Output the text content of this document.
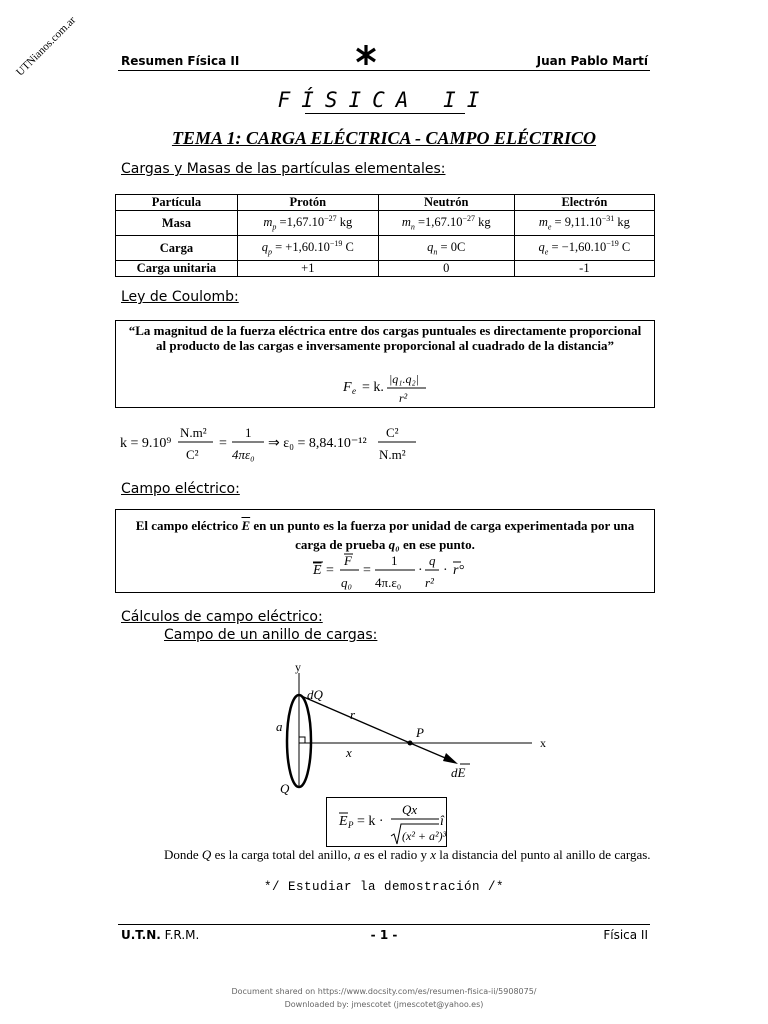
UTNianos.com.ar	Resumen Física II	Juan Pablo Martí
FÍSICA II
TEMA 1: CARGA ELÉCTRICA - CAMPO ELÉCTRICO
Cargas y Masas de las partículas elementales:
Partícula	Protón	Neutrón	Electrón
Masa	$m_p =1,67.10^{-27}$ kg	$m_n =1,67.10^{-27}$ kg	$m_e = 9,11.10^{-31}$ kg
Carga	$q_p = +1,60.10^{-19}$ C	$q_n = 0C$	$q_e = -1,60.10^{-19}$ C
Carga unitaria	+1	0	-1
Ley de Coulomb:
“La magnitud de la fuerza eléctrica entre dos cargas puntuales es directamente proporcional al producto de las cargas e inversamente proporcional al cuadrado de la distancia”
F e = k.
|q₁.q₂|
r²
k = 9.10⁹
N.m²
C²
=
1
4πε₀
⇒ ε₀ = 8,84.10⁻¹²
C²
N.m²
Campo eléctrico:
El campo eléctrico $\overline{E}$ en un punto es la fuerza por unidad de carga experimentada por una carga de prueba q₀ en ese punto.
E =
F
q₀
=
1
4π.ε₀
·
q
r²
· r°
Cálculos de campo eléctrico:
Campo de un anillo de cargas:
y
x
dQ
r
a	P
x
dE
Q
E P = k ·
Qx
(x² + a²)³
î
Donde Q es la carga total del anillo, a es el radio y x la distancia del punto al anillo de cargas.
*/ Estudiar la demostración /*
U.T.N. F.R.M.	- 1 -	Física II
Document shared on https://www.docsity.com/es/resumen-fisica-ii/5908075/
Downloaded by: jmescotet (jmescotet@yahoo.es)
